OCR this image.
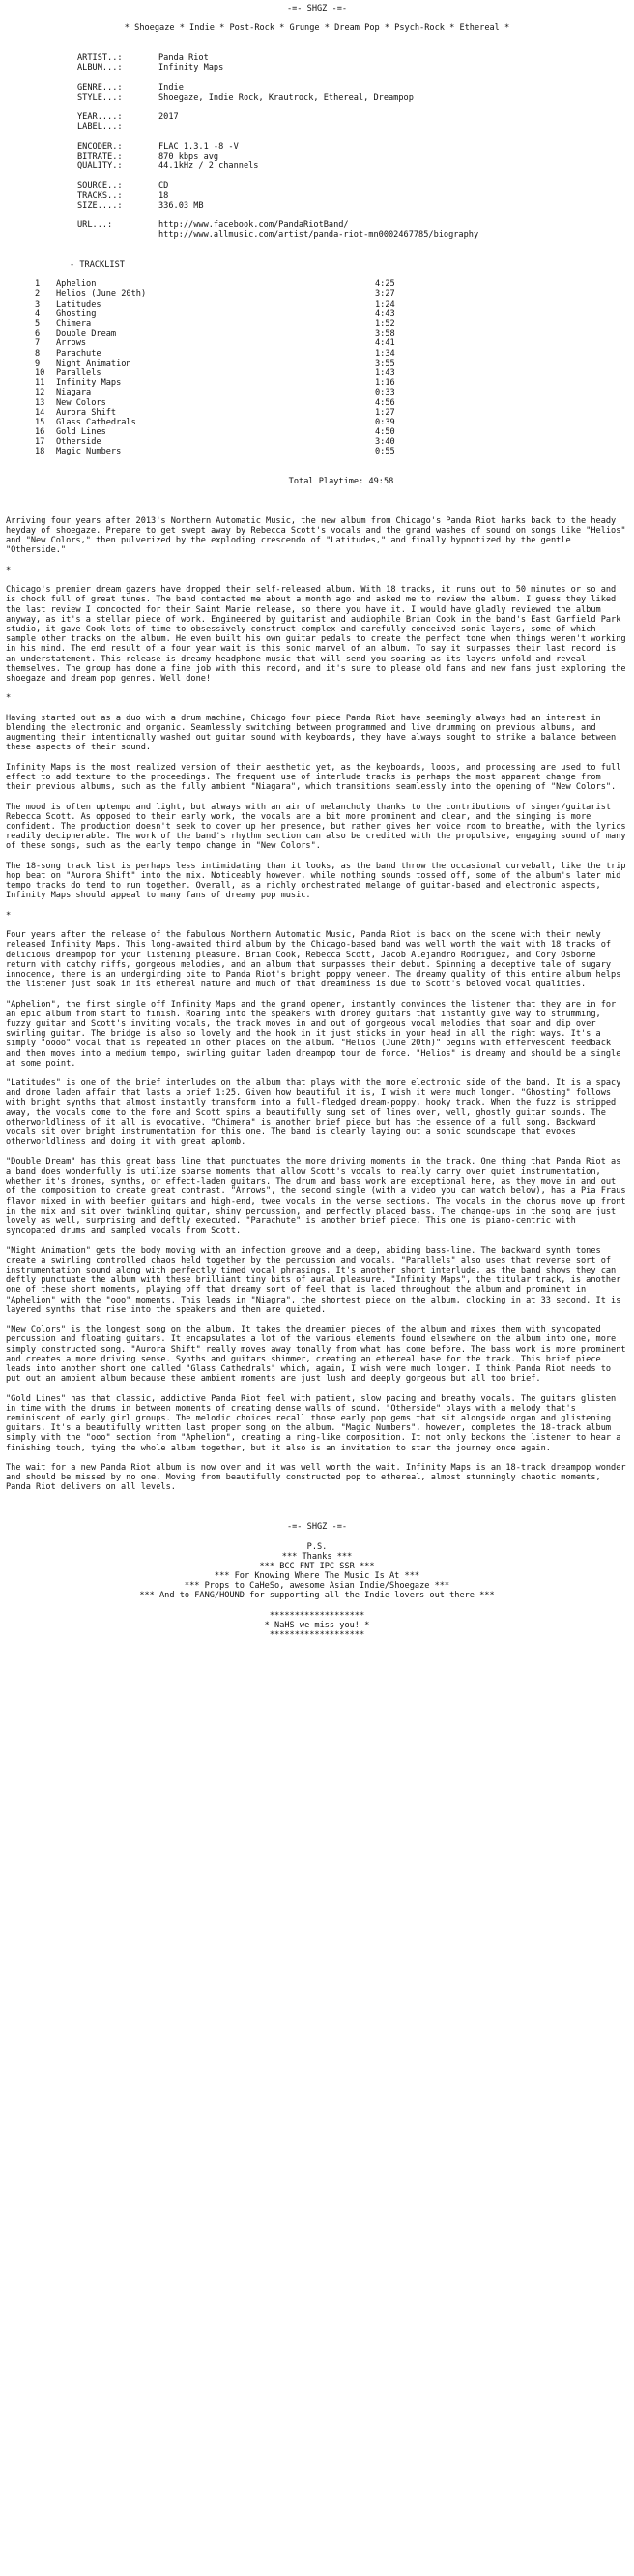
-=- SHGZ -=-
* Shoegaze * Indie * Post-Rock * Grunge * Dream Pop * Psych-Rock * Ethereal *
ARTIST..:	Panda Riot
ALBUM...:	Infinity Maps
GENRE...:	Indie
STYLE...:	Shoegaze, Indie Rock, Krautrock, Ethereal, Dreampop
YEAR....:	2017
LABEL...:
ENCODER.:	FLAC 1.3.1 -8 -V
BITRATE.:	870 kbps avg
QUALITY.:	44.1kHz / 2 channels
SOURCE..:	CD
TRACKS..:	18
SIZE....:	336.03 MB
URL...:	http://www.facebook.com/PandaRiotBand/
http://www.allmusic.com/artist/panda-riot-mn0002467785/biography
- TRACKLIST
1	Aphelion	4:25
2	Helios (June 20th)	3:27
3	Latitudes	1:24
4	Ghosting	4:43
5	Chimera	1:52
6	Double Dream	3:58
7	Arrows	4:41
8	Parachute	1:34
9	Night Animation	3:55
10	Parallels	1:43
11	Infinity Maps	1:16
12	Niagara	0:33
13	New Colors	4:56
14	Aurora Shift	1:27
15	Glass Cathedrals	0:39
16	Gold Lines	4:50
17	Otherside	3:40
18	Magic Numbers	0:55
Total Playtime: 49:58
Arriving four years after 2013's Northern Automatic Music, the new album from Chicago's Panda Riot harks back to the heady heyday of shoegaze. Prepare to get swept away by Rebecca Scott's vocals and the grand washes of sound on songs like "Helios" and "New Colors," then pulverized by the exploding crescendo of "Latitudes," and finally hypnotized by the gentle "Otherside."
*
Chicago's premier dream gazers have dropped their self-released album. With 18 tracks, it runs out to 50 minutes or so and is chock full of great tunes. The band contacted me about a month ago and asked me to review the album. I guess they liked the last review I concocted for their Saint Marie release, so there you have it. I would have gladly reviewed the album anyway, as it's a stellar piece of work. Engineered by guitarist and audiophile Brian Cook in the band's East Garfield Park studio, it gave Cook lots of time to obsessively construct complex and carefully conceived sonic layers, some of which sample other tracks on the album. He even built his own guitar pedals to create the perfect tone when things weren't working in his mind. The end result of a four year wait is this sonic marvel of an album. To say it surpasses their last record is an understatement. This release is dreamy headphone music that will send you soaring as its layers unfold and reveal themselves. The group has done a fine job with this record, and it's sure to please old fans and new fans just exploring the shoegaze and dream pop genres. Well done!
*
Having started out as a duo with a drum machine, Chicago four piece Panda Riot have seemingly always had an interest in blending the electronic and organic. Seamlessly switching between programmed and live drumming on previous albums, and augmenting their intentionally washed out guitar sound with keyboards, they have always sought to strike a balance between these aspects of their sound.
Infinity Maps is the most realized version of their aesthetic yet, as the keyboards, loops, and processing are used to full effect to add texture to the proceedings. The frequent use of interlude tracks is perhaps the most apparent change from their previous albums, such as the fully ambient "Niagara", which transitions seamlessly into the opening of "New Colors".
The mood is often uptempo and light, but always with an air of melancholy thanks to the contributions of singer/guitarist Rebecca Scott. As opposed to their early work, the vocals are a bit more prominent and clear, and the singing is more confident. The production doesn't seek to cover up her presence, but rather gives her voice room to breathe, with the lyrics readily decipherable. The work of the band's rhythm section can also be credited with the propulsive, engaging sound of many of these songs, such as the early tempo change in "New Colors".
The 18-song track list is perhaps less intimidating than it looks, as the band throw the occasional curveball, like the trip hop beat on "Aurora Shift" into the mix. Noticeably however, while nothing sounds tossed off, some of the album's later mid tempo tracks do tend to run together. Overall, as a richly orchestrated melange of guitar-based and electronic aspects, Infinity Maps should appeal to many fans of dreamy pop music.
*
Four years after the release of the fabulous Northern Automatic Music, Panda Riot is back on the scene with their newly released Infinity Maps. This long-awaited third album by the Chicago-based band was well worth the wait with 18 tracks of delicious dreampop for your listening pleasure. Brian Cook, Rebecca Scott, Jacob Alejandro Rodriguez, and Cory Osborne return with catchy riffs, gorgeous melodies, and an album that surpasses their debut. Spinning a deceptive tale of sugary innocence, there is an undergirding bite to Panda Riot's bright poppy veneer. The dreamy quality of this entire album helps the listener just soak in its ethereal nature and much of that dreaminess is due to Scott's beloved vocal qualities.
"Aphelion", the first single off Infinity Maps and the grand opener, instantly convinces the listener that they are in for an epic album from start to finish. Roaring into the speakers with droney guitars that instantly give way to strumming, fuzzy guitar and Scott's inviting vocals, the track moves in and out of gorgeous vocal melodies that soar and dip over swirling guitar. The bridge is also so lovely and the hook in it just sticks in your head in all the right ways. It's a simply "oooo" vocal that is repeated in other places on the album. "Helios (June 20th)" begins with effervescent feedback and then moves into a medium tempo, swirling guitar laden dreampop tour de force. "Helios" is dreamy and should be a single at some point.
"Latitudes" is one of the brief interludes on the album that plays with the more electronic side of the band. It is a spacy and drone laden affair that lasts a brief 1:25. Given how beautiful it is, I wish it were much longer. "Ghosting" follows with bright synths that almost instantly transform into a full-fledged dream-poppy, hooky track. When the fuzz is stripped away, the vocals come to the fore and Scott spins a beautifully sung set of lines over, well, ghostly guitar sounds. The otherworldliness of it all is evocative. "Chimera" is another brief piece but has the essence of a full song. Backward vocals sit over bright instrumentation for this one. The band is clearly laying out a sonic soundscape that evokes otherworldliness and doing it with great aplomb.
"Double Dream" has this great bass line that punctuates the more driving moments in the track. One thing that Panda Riot as a band does wonderfully is utilize sparse moments that allow Scott's vocals to really carry over quiet instrumentation, whether it's drones, synths, or effect-laden guitars. The drum and bass work are exceptional here, as they move in and out of the composition to create great contrast. "Arrows", the second single (with a video you can watch below), has a Pia Fraus flavor mixed in with beefier guitars and high-end, twee vocals in the verse sections. The vocals in the chorus move up front in the mix and sit over twinkling guitar, shiny percussion, and perfectly placed bass. The change-ups in the song are just lovely as well, surprising and deftly executed. "Parachute" is another brief piece. This one is piano-centric with syncopated drums and sampled vocals from Scott.
"Night Animation" gets the body moving with an infection groove and a deep, abiding bass-line. The backward synth tones create a swirling controlled chaos held together by the percussion and vocals. "Parallels" also uses that reverse sort of instrumentation sound along with perfectly timed vocal phrasings. It's another short interlude, as the band shows they can deftly punctuate the album with these brilliant tiny bits of aural pleasure. "Infinity Maps", the titular track, is another one of these short moments, playing off that dreamy sort of feel that is laced throughout the album and prominent in "Aphelion" with the "ooo" moments. This leads in "Niagra", the shortest piece on the album, clocking in at 33 second. It is layered synths that rise into the speakers and then are quieted.
"New Colors" is the longest song on the album. It takes the dreamier pieces of the album and mixes them with syncopated percussion and floating guitars. It encapsulates a lot of the various elements found elsewhere on the album into one, more simply constructed song. "Aurora Shift" really moves away tonally from what has come before. The bass work is more prominent and creates a more driving sense. Synths and guitars shimmer, creating an ethereal base for the track. This brief piece leads into another short one called "Glass Cathedrals" which, again, I wish were much longer. I think Panda Riot needs to put out an ambient album because these ambient moments are just lush and deeply gorgeous but all too brief.
"Gold Lines" has that classic, addictive Panda Riot feel with patient, slow pacing and breathy vocals. The guitars glisten in time with the drums in between moments of creating dense walls of sound. "Otherside" plays with a melody that's reminiscent of early girl groups. The melodic choices recall those early pop gems that sit alongside organ and glistening guitars. It's a beautifully written last proper song on the album. "Magic Numbers", however, completes the 18-track album simply with the "ooo" section from "Aphelion", creating a ring-like composition. It not only beckons the listener to hear a finishing touch, tying the whole album together, but it also is an invitation to star the journey once again.
The wait for a new Panda Riot album is now over and it was well worth the wait. Infinity Maps is an 18-track dreampop wonder and should be missed by no one. Moving from beautifully constructed pop to ethereal, almost stunningly chaotic moments, Panda Riot delivers on all levels.
-=- SHGZ -=-
P.S.
*** Thanks ***
*** BCC FNT IPC SSR ***
*** For Knowing Where The Music Is At ***
*** Props to CaHeSo, awesome Asian Indie/Shoegaze ***
*** And to FANG/HOUND for supporting all the Indie lovers out there ***
*******************
* NaHS we miss you! *
*******************
